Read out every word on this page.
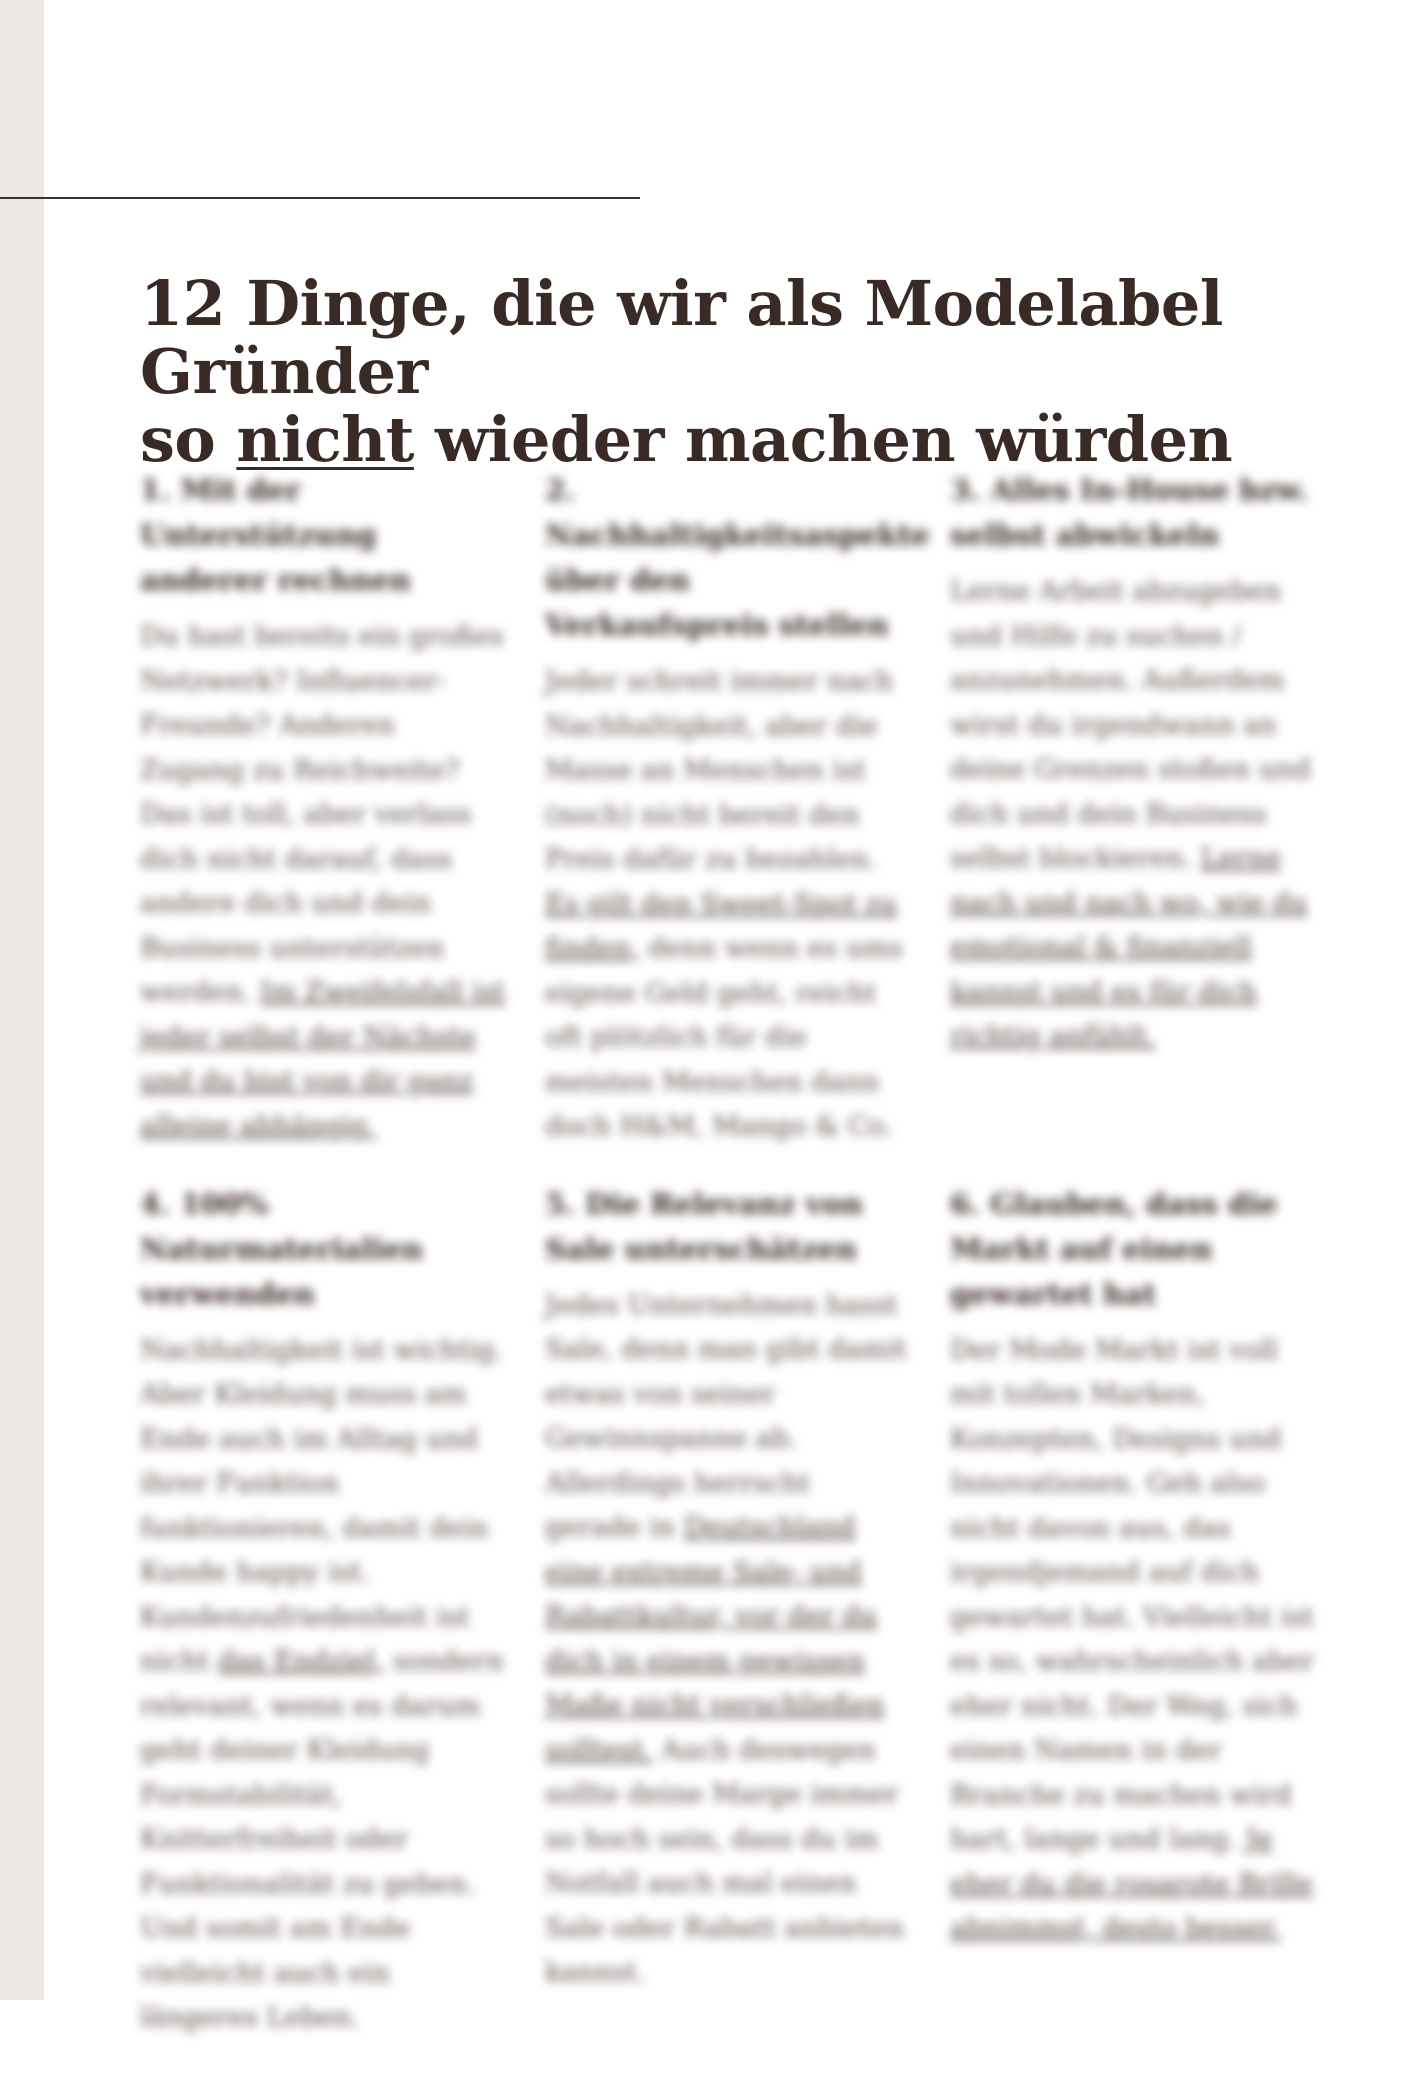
12 Dinge, die wir als Modelabel Gründer
so nicht wieder machen würden

1. Mit der Unterstützung anderer rechnen

Du hast bereits ein großes Netzwerk? Influencer-Freunde? Anderen Zugang zu Reichweite? Das ist toll, aber verlass dich nicht darauf, dass andere dich und dein Business unterstützen werden. Im Zweifelsfall ist jeder selbst der Nächste und du bist von dir ganz alleine abhängig.

2. Nachhaltigkeitsaspekte über den Verkaufspreis stellen

Jeder schreit immer nach Nachhaltigkeit, aber die Masse an Menschen ist (noch) nicht bereit den Preis dafür zu bezahlen. Es gilt den Sweet-Spot zu finden, denn wenn es ums eigene Geld geht, reicht oft plötzlich für die meisten Menschen dann doch H&M, Mango & Co.

3. Alles In-House bzw. selbst abwickeln

Lerne Arbeit abzugeben und Hilfe zu suchen / anzunehmen. Außerdem wirst du irgendwann an deine Grenzen stoßen und dich und dein Business selbst blockieren. Lerne nach und nach wo, wie du emotional & finanziell kannst und es für dich richtig anfühlt.

4. 100% Naturmaterialien verwenden

Nachhaltigkeit ist wichtig. Aber Kleidung muss am Ende auch im Alltag und ihrer Funktion funktionieren, damit dein Kunde happy ist. Kundenzufriedenheit ist nicht das Endziel, sondern relevant, wenn es darum geht deiner Kleidung Formstabilität, Knitterfreiheit oder Funktionalität zu geben. Und somit am Ende vielleicht auch ein längeres Leben.

5. Die Relevanz von Sale unterschätzen

Jedes Unternehmen hasst Sale, denn man gibt damit etwas von seiner Gewinnspanne ab. Allerdings herrscht gerade in Deutschland eine extreme Sale- und Rabattkultur, vor der du dich in einem gewissen Maße nicht verschließen solltest. Auch deswegen sollte deine Marge immer so hoch sein, dass du im Notfall auch mal einen Sale oder Rabatt anbieten kannst.

6. Glauben, dass die Markt auf einen gewartet hat

Der Mode Markt ist voll mit tollen Marken, Konzepten, Designs und Innovationen. Geh also nicht davon aus, das irgendjemand auf dich gewartet hat. Vielleicht ist es so, wahrscheinlich aber eher nicht. Der Weg, sich einen Namen in der Branche zu machen wird hart, lange und lang. Je eher du die rosarote Brille abnimmst, desto besser.
